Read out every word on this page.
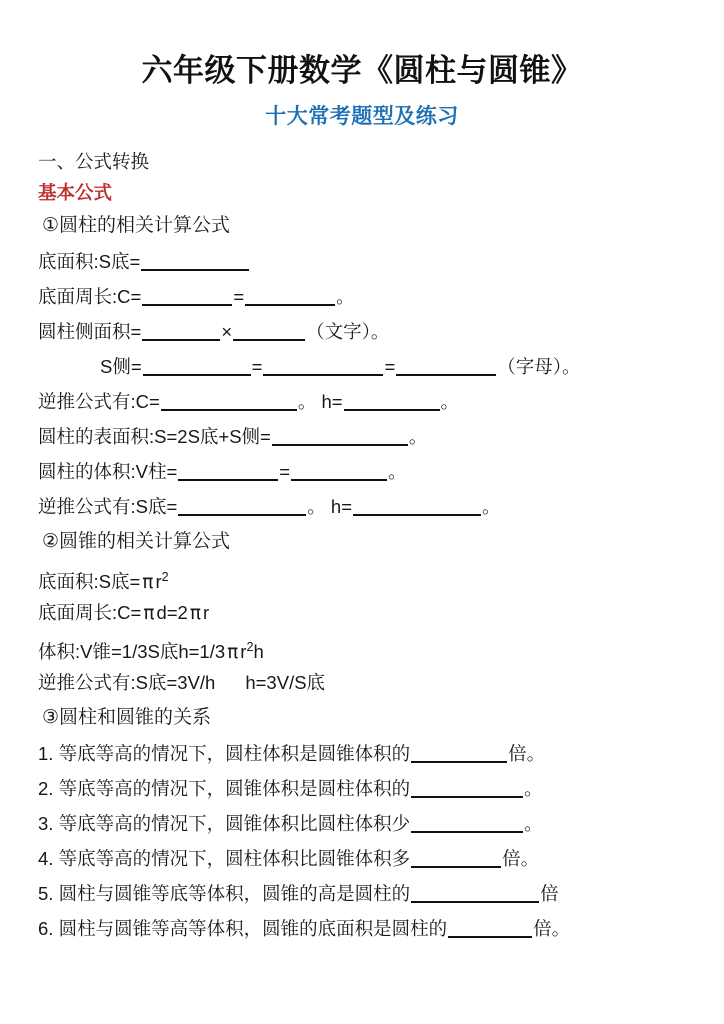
六年级下册数学《圆柱与圆锥》
十大常考题型及练习
一、公式转换
基本公式
①圆柱的相关计算公式
底面积:S底=
底面周长:C=	=	。
圆柱侧面积=	×	（文字）。
S侧=	=	=	（字母）。
逆推公式有:C=	。 h=	。
圆柱的表面积:S=2S底+S侧=	。
圆柱的体积:V柱=	=	。
逆推公式有:S底=	。 h=	。
②圆锥的相关计算公式
底面积:S底= π $r^2$
底面周长:C= π d=2 π r
体积:V锥=1/3S底h=1/3 π $r^2h$
逆推公式有:S底=3V/h h=3V/S底
③圆柱和圆锥的关系
1. 等底等高的情况下，圆柱体积是圆锥体积的	倍。
2. 等底等高的情况下，圆锥体积是圆柱体积的	。
3. 等底等高的情况下，圆锥体积比圆柱体积少	。
4. 等底等高的情况下，圆柱体积比圆锥体积多	倍。
5. 圆柱与圆锥等底等体积，圆锥的高是圆柱的	倍
6. 圆柱与圆锥等高等体积，圆锥的底面积是圆柱的	倍。
